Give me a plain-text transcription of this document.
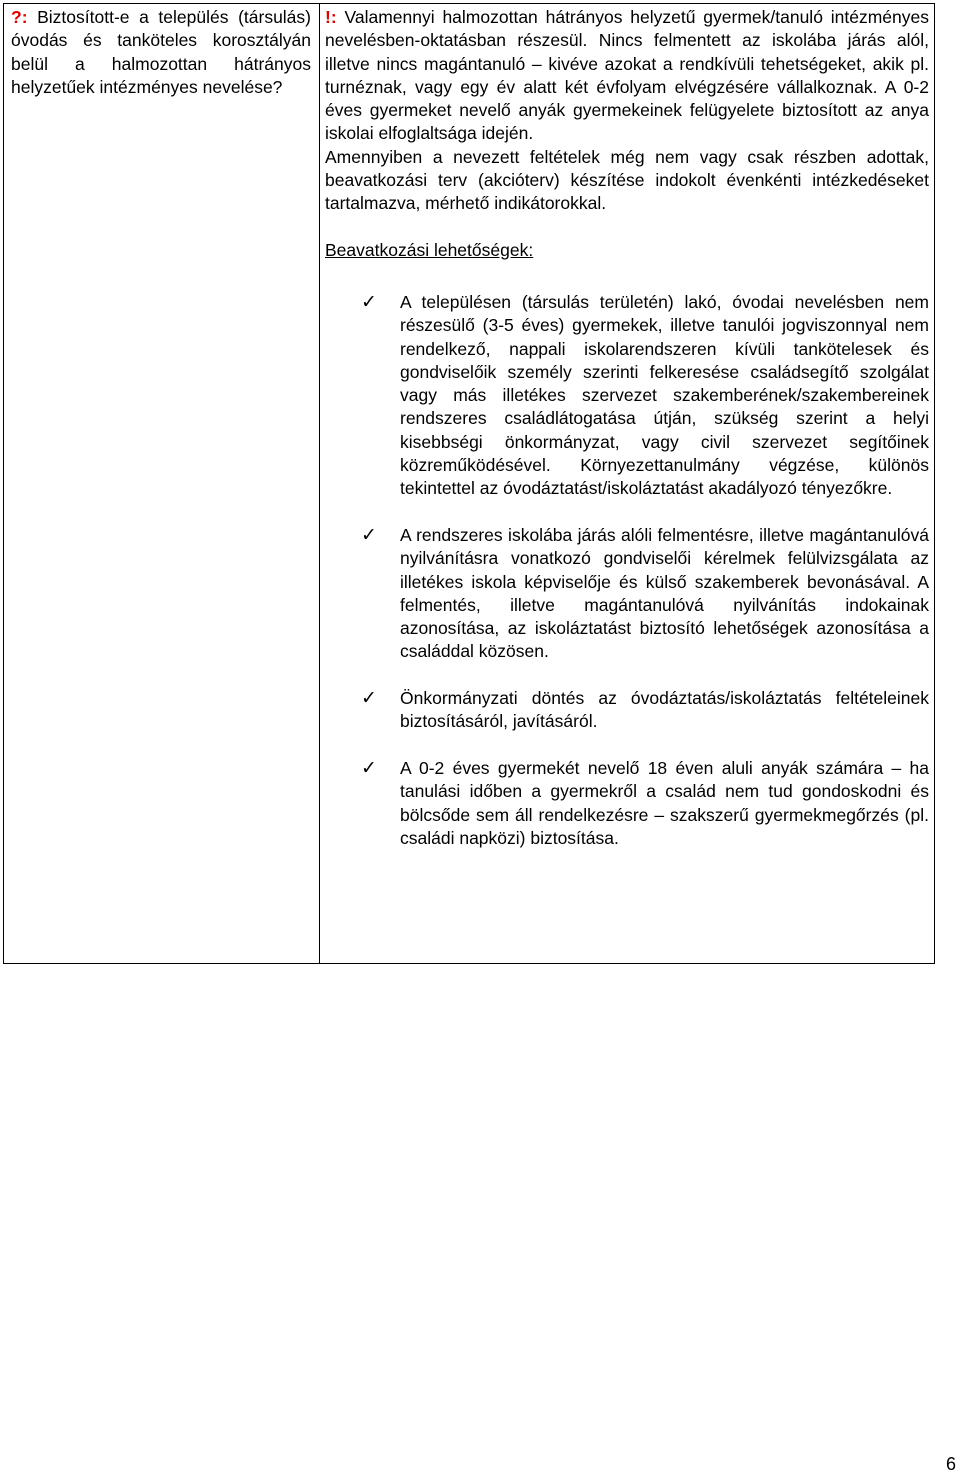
?: Biztosított-e a település (társulás) óvodás és tanköteles korosztályán belül a halmozottan hátrányos helyzetűek intézményes nevelése?

!: Valamennyi halmozottan hátrányos helyzetű gyermek/tanuló intézményes nevelésben-oktatásban részesül. Nincs felmentett az iskolába járás alól, illetve nincs magántanuló – kivéve azokat a rendkívüli tehetségeket, akik pl. turnéznak, vagy egy év alatt két évfolyam elvégzésére vállalkoznak. A 0-2 éves gyermeket nevelő anyák gyermekeinek felügyelete biztosított az anya iskolai elfoglaltsága idején.

Amennyiben a nevezett feltételek még nem vagy csak részben adottak, beavatkozási terv (akcióterv) készítése indokolt évenkénti intézkedéseket tartalmazva, mérhető indikátorokkal.

Beavatkozási lehetőségek:
✓ A településen (társulás területén) lakó, óvodai nevelésben nem részesülő (3-5 éves) gyermekek, illetve tanulói jogviszonnyal nem rendelkező, nappali iskolarendszeren kívüli tankötelesek és gondviselőik személy szerinti felkeresése családsegítő szolgálat vagy más illetékes szervezet szakemberének/szakembereinek rendszeres családlátogatása útján, szükség szerint a helyi kisebbségi önkormányzat, vagy civil szervezet segítőinek közreműködésével. Környezettanulmány végzése, különös tekintettel az óvodáztatást/iskoláztatást akadályozó tényezőkre.
✓ A rendszeres iskolába járás alóli felmentésre, illetve magántanulóvá nyilvánításra vonatkozó gondviselői kérelmek felülvizsgálata az illetékes iskola képviselője és külső szakemberek bevonásával. A felmentés, illetve magántanulóvá nyilvánítás indokainak azonosítása, az iskoláztatást biztosító lehetőségek azonosítása a családdal közösen.
✓ Önkormányzati döntés az óvodáztatás/iskoláztatás feltételeinek biztosításáról, javításáról.
✓ A 0-2 éves gyermekét nevelő 18 éven aluli anyák számára – ha tanulási időben a gyermekről a család nem tud gondoskodni és bölcsőde sem áll rendelkezésre – szakszerű gyermekmegőrzés (pl. családi napközi) biztosítása.
6
